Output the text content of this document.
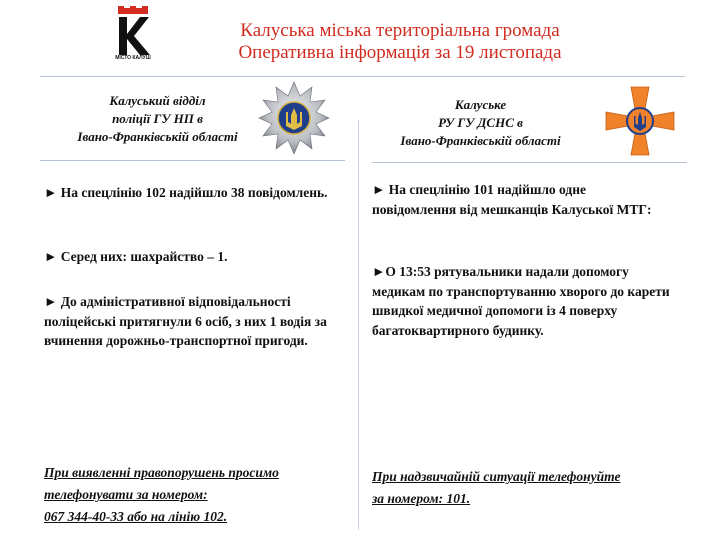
МІСТО КАЛУШ
Калуська міська територіальна громада
Оперативна інформація за 19 листопада
Калуський відділ
поліції ГУ НП в
Івано-Франківській області
Калуське
РУ ГУ ДСНС в
Івано-Франківській області

► На спецлінію 102 надійшло 38 повідомлень.

► Серед них: шахрайство – 1.

► До адміністративної відповідальності поліцейські притягнули 6 осіб, з них 1 водія за вчинення дорожньо-транспортної пригоди.

► На спецлінію 101 надійшло одне повідомлення від мешканців Калуської МТГ:

►О 13:53 рятувальники надали допомогу медикам по транспортуванню хворого до карети швидкої медичної допомоги із 4 поверху багатоквартирного будинку.

При виявленні правопорушень просимо
телефонувати за номером:
067 344-40-33 або на лінію 102.
При надзвичайній ситуації телефонуйте
за номером: 101.
